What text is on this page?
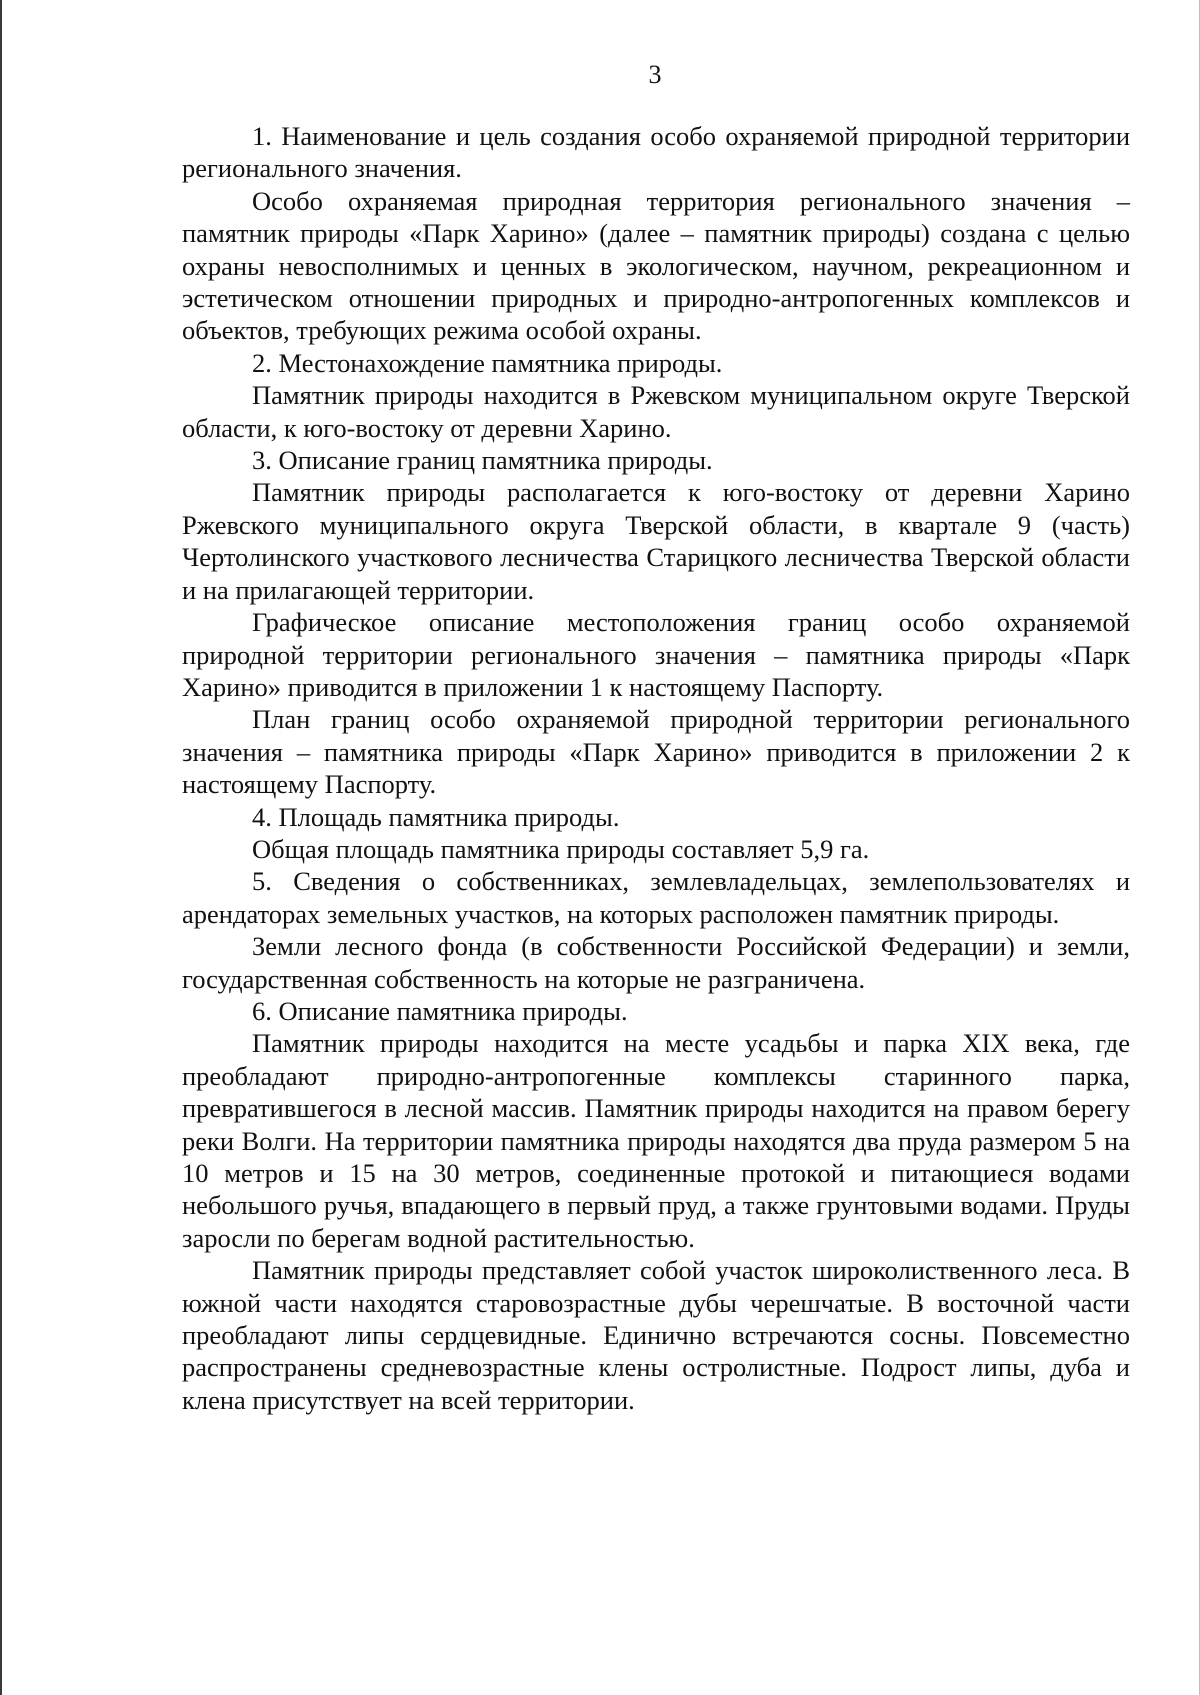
3

1. Наименование и цель создания особо охраняемой природной территории регионального значения.

Особо охраняемая природная территория регионального значения – памятник природы «Парк Харино» (далее – памятник природы) создана с целью охраны невосполнимых и ценных в экологическом, научном, рекреационном и эстетическом отношении природных и природно-антропогенных комплексов и объектов, требующих режима особой охраны.

2. Местонахождение памятника природы.

Памятник природы находится в Ржевском муниципальном округе Тверской области, к юго-востоку от деревни Харино.

3. Описание границ памятника природы.

Памятник природы располагается к юго-востоку от деревни Харино Ржевского муниципального округа Тверской области, в квартале 9 (часть) Чертолинского участкового лесничества Старицкого лесничества Тверской области и на прилагающей территории.

Графическое описание местоположения границ особо охраняемой природной территории регионального значения – памятника природы «Парк Харино» приводится в приложении 1 к настоящему Паспорту.

План границ особо охраняемой природной территории регионального значения – памятника природы «Парк Харино» приводится в приложении 2 к настоящему Паспорту.

4. Площадь памятника природы.

Общая площадь памятника природы составляет 5,9 га.

5. Сведения о собственниках, землевладельцах, землепользователях и арендаторах земельных участков, на которых расположен памятник природы.

Земли лесного фонда (в собственности Российской Федерации) и земли, государственная собственность на которые не разграничена.

6. Описание памятника природы.

Памятник природы находится на месте усадьбы и парка XIX века, где преобладают природно-антропогенные комплексы старинного парка, превратившегося в лесной массив. Памятник природы находится на правом берегу реки Волги. На территории памятника природы находятся два пруда размером 5 на 10 метров и 15 на 30 метров, соединенные протокой и питающиеся водами небольшого ручья, впадающего в первый пруд, а также грунтовыми водами. Пруды заросли по берегам водной растительностью.

Памятник природы представляет собой участок широколиственного леса. В южной части находятся старовозрастные дубы черешчатые. В восточной части преобладают липы сердцевидные. Единично встречаются сосны. Повсеместно распространены средневозрастные клены остролистные. Подрост липы, дуба и клена присутствует на всей территории.
